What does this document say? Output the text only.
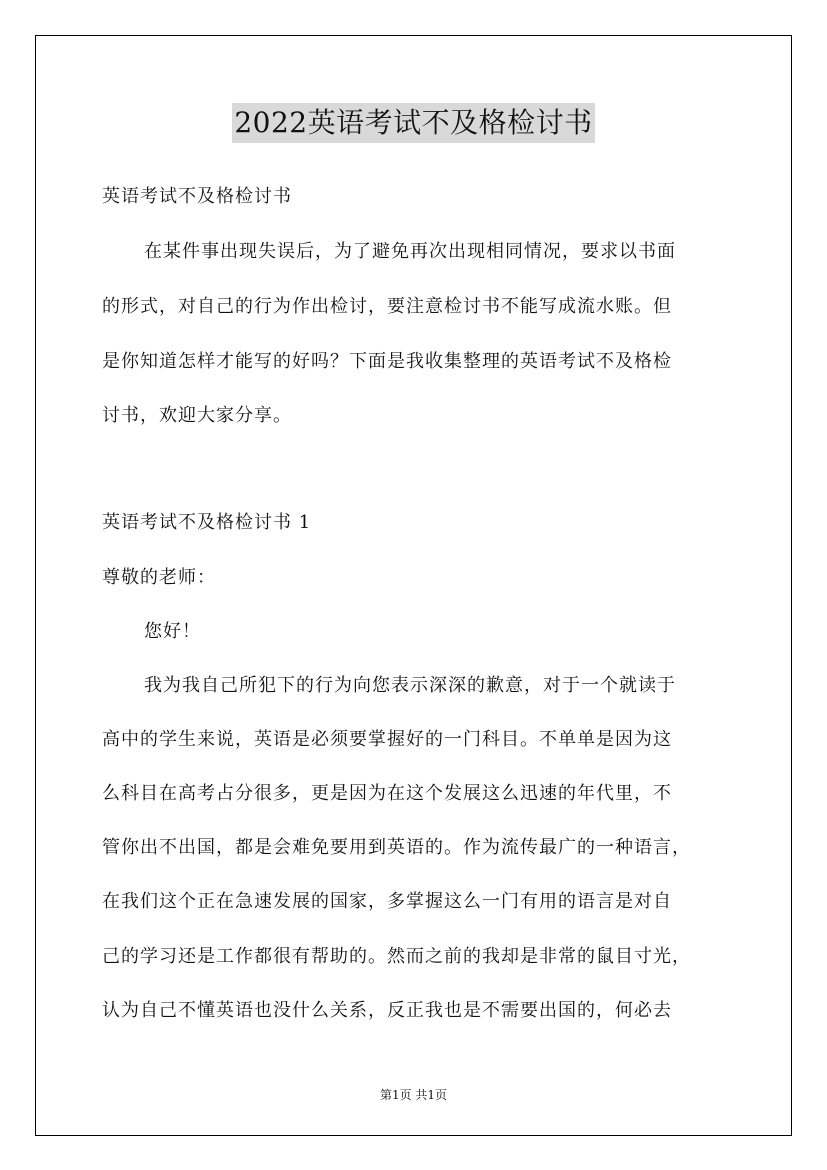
2022英语考试不及格检讨书
英语考试不及格检讨书
在某件事出现失误后，为了避免再次出现相同情况，要求以书面
的形式，对自己的行为作出检讨，要注意检讨书不能写成流水账。但
是你知道怎样才能写的好吗？下面是我收集整理的英语考试不及格检
讨书，欢迎大家分享。
英语考试不及格检讨书 1
尊敬的老师：
您好！
我为我自己所犯下的行为向您表示深深的歉意，对于一个就读于
高中的学生来说，英语是必须要掌握好的一门科目。不单单是因为这
么科目在高考占分很多，更是因为在这个发展这么迅速的年代里，不
管你出不出国，都是会难免要用到英语的。作为流传最广的一种语言，
在我们这个正在急速发展的国家，多掌握这么一门有用的语言是对自
己的学习还是工作都很有帮助的。然而之前的我却是非常的鼠目寸光，
认为自己不懂英语也没什么关系，反正我也是不需要出国的，何必去
第1页 共1页
